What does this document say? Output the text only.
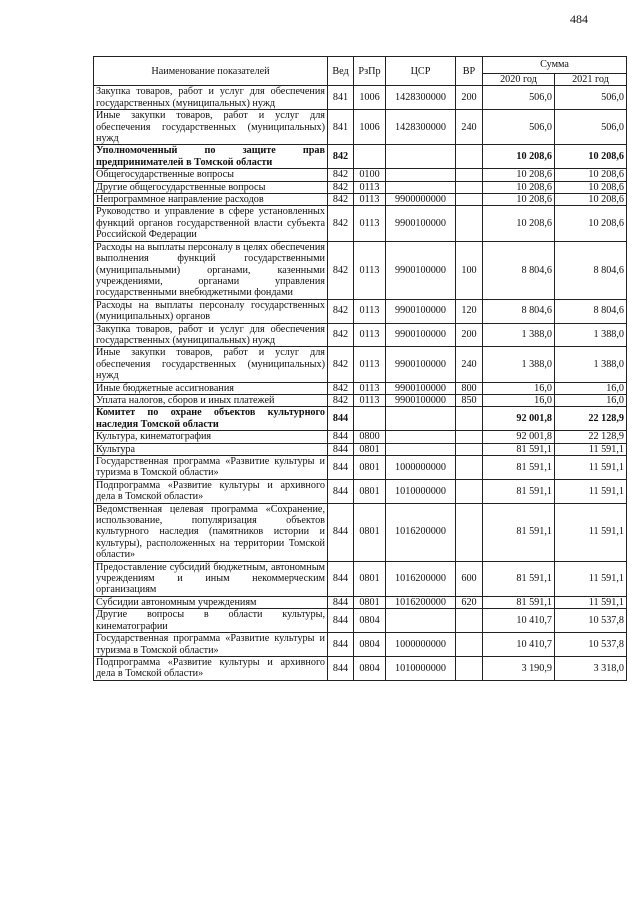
484
Наименование показателей	Вед	РзПр	ЦСР	ВР	Сумма	
					2020 год	2021 год
Закупка товаров, работ и услуг для обеспечения государственных (муниципальных) нужд	841	1006	1428300000	200	506,0	506,0
Иные закупки товаров, работ и услуг для обеспечения государственных (муниципальных) нужд	841	1006	1428300000	240	506,0	506,0
Уполномоченный по защите прав предпринимателей в Томской области	842				10 208,6	10 208,6
Общегосударственные вопросы	842	0100			10 208,6	10 208,6
Другие общегосударственные вопросы	842	0113			10 208,6	10 208,6
Непрограммное направление расходов	842	0113	9900000000		10 208,6	10 208,6
Руководство и управление в сфере установленных функций органов государственной власти субъекта Российской Федерации	842	0113	9900100000		10 208,6	10 208,6
Расходы на выплаты персоналу в целях обеспечения выполнения функций государственными (муниципальными) органами, казенными учреждениями, органами управления государственными внебюджетными фондами	842	0113	9900100000	100	8 804,6	8 804,6
Расходы на выплаты персоналу государственных (муниципальных) органов	842	0113	9900100000	120	8 804,6	8 804,6
Закупка товаров, работ и услуг для обеспечения государственных (муниципальных) нужд	842	0113	9900100000	200	1 388,0	1 388,0
Иные закупки товаров, работ и услуг для обеспечения государственных (муниципальных) нужд	842	0113	9900100000	240	1 388,0	1 388,0
Иные бюджетные ассигнования	842	0113	9900100000	800	16,0	16,0
Уплата налогов, сборов и иных платежей	842	0113	9900100000	850	16,0	16,0
Комитет по охране объектов культурного наследия Томской области	844				92 001,8	22 128,9
Культура, кинематография	844	0800			92 001,8	22 128,9
Культура	844	0801			81 591,1	11 591,1
Государственная программа «Развитие культуры и туризма в Томской области»	844	0801	1000000000		81 591,1	11 591,1
Подпрограмма «Развитие культуры и архивного дела в Томской области»	844	0801	1010000000		81 591,1	11 591,1
Ведомственная целевая программа «Сохранение, использование, популяризация объектов культурного наследия (памятников истории и культуры), расположенных на территории Томской области»	844	0801	1016200000		81 591,1	11 591,1
Предоставление субсидий бюджетным, автономным учреждениям и иным некоммерческим организациям	844	0801	1016200000	600	81 591,1	11 591,1
Субсидии автономным учреждениям	844	0801	1016200000	620	81 591,1	11 591,1
Другие вопросы в области культуры, кинематографии	844	0804			10 410,7	10 537,8
Государственная программа «Развитие культуры и туризма в Томской области»	844	0804	1000000000		10 410,7	10 537,8
Подпрограмма «Развитие культуры и архивного дела в Томской области»	844	0804	1010000000		3 190,9	3 318,0
